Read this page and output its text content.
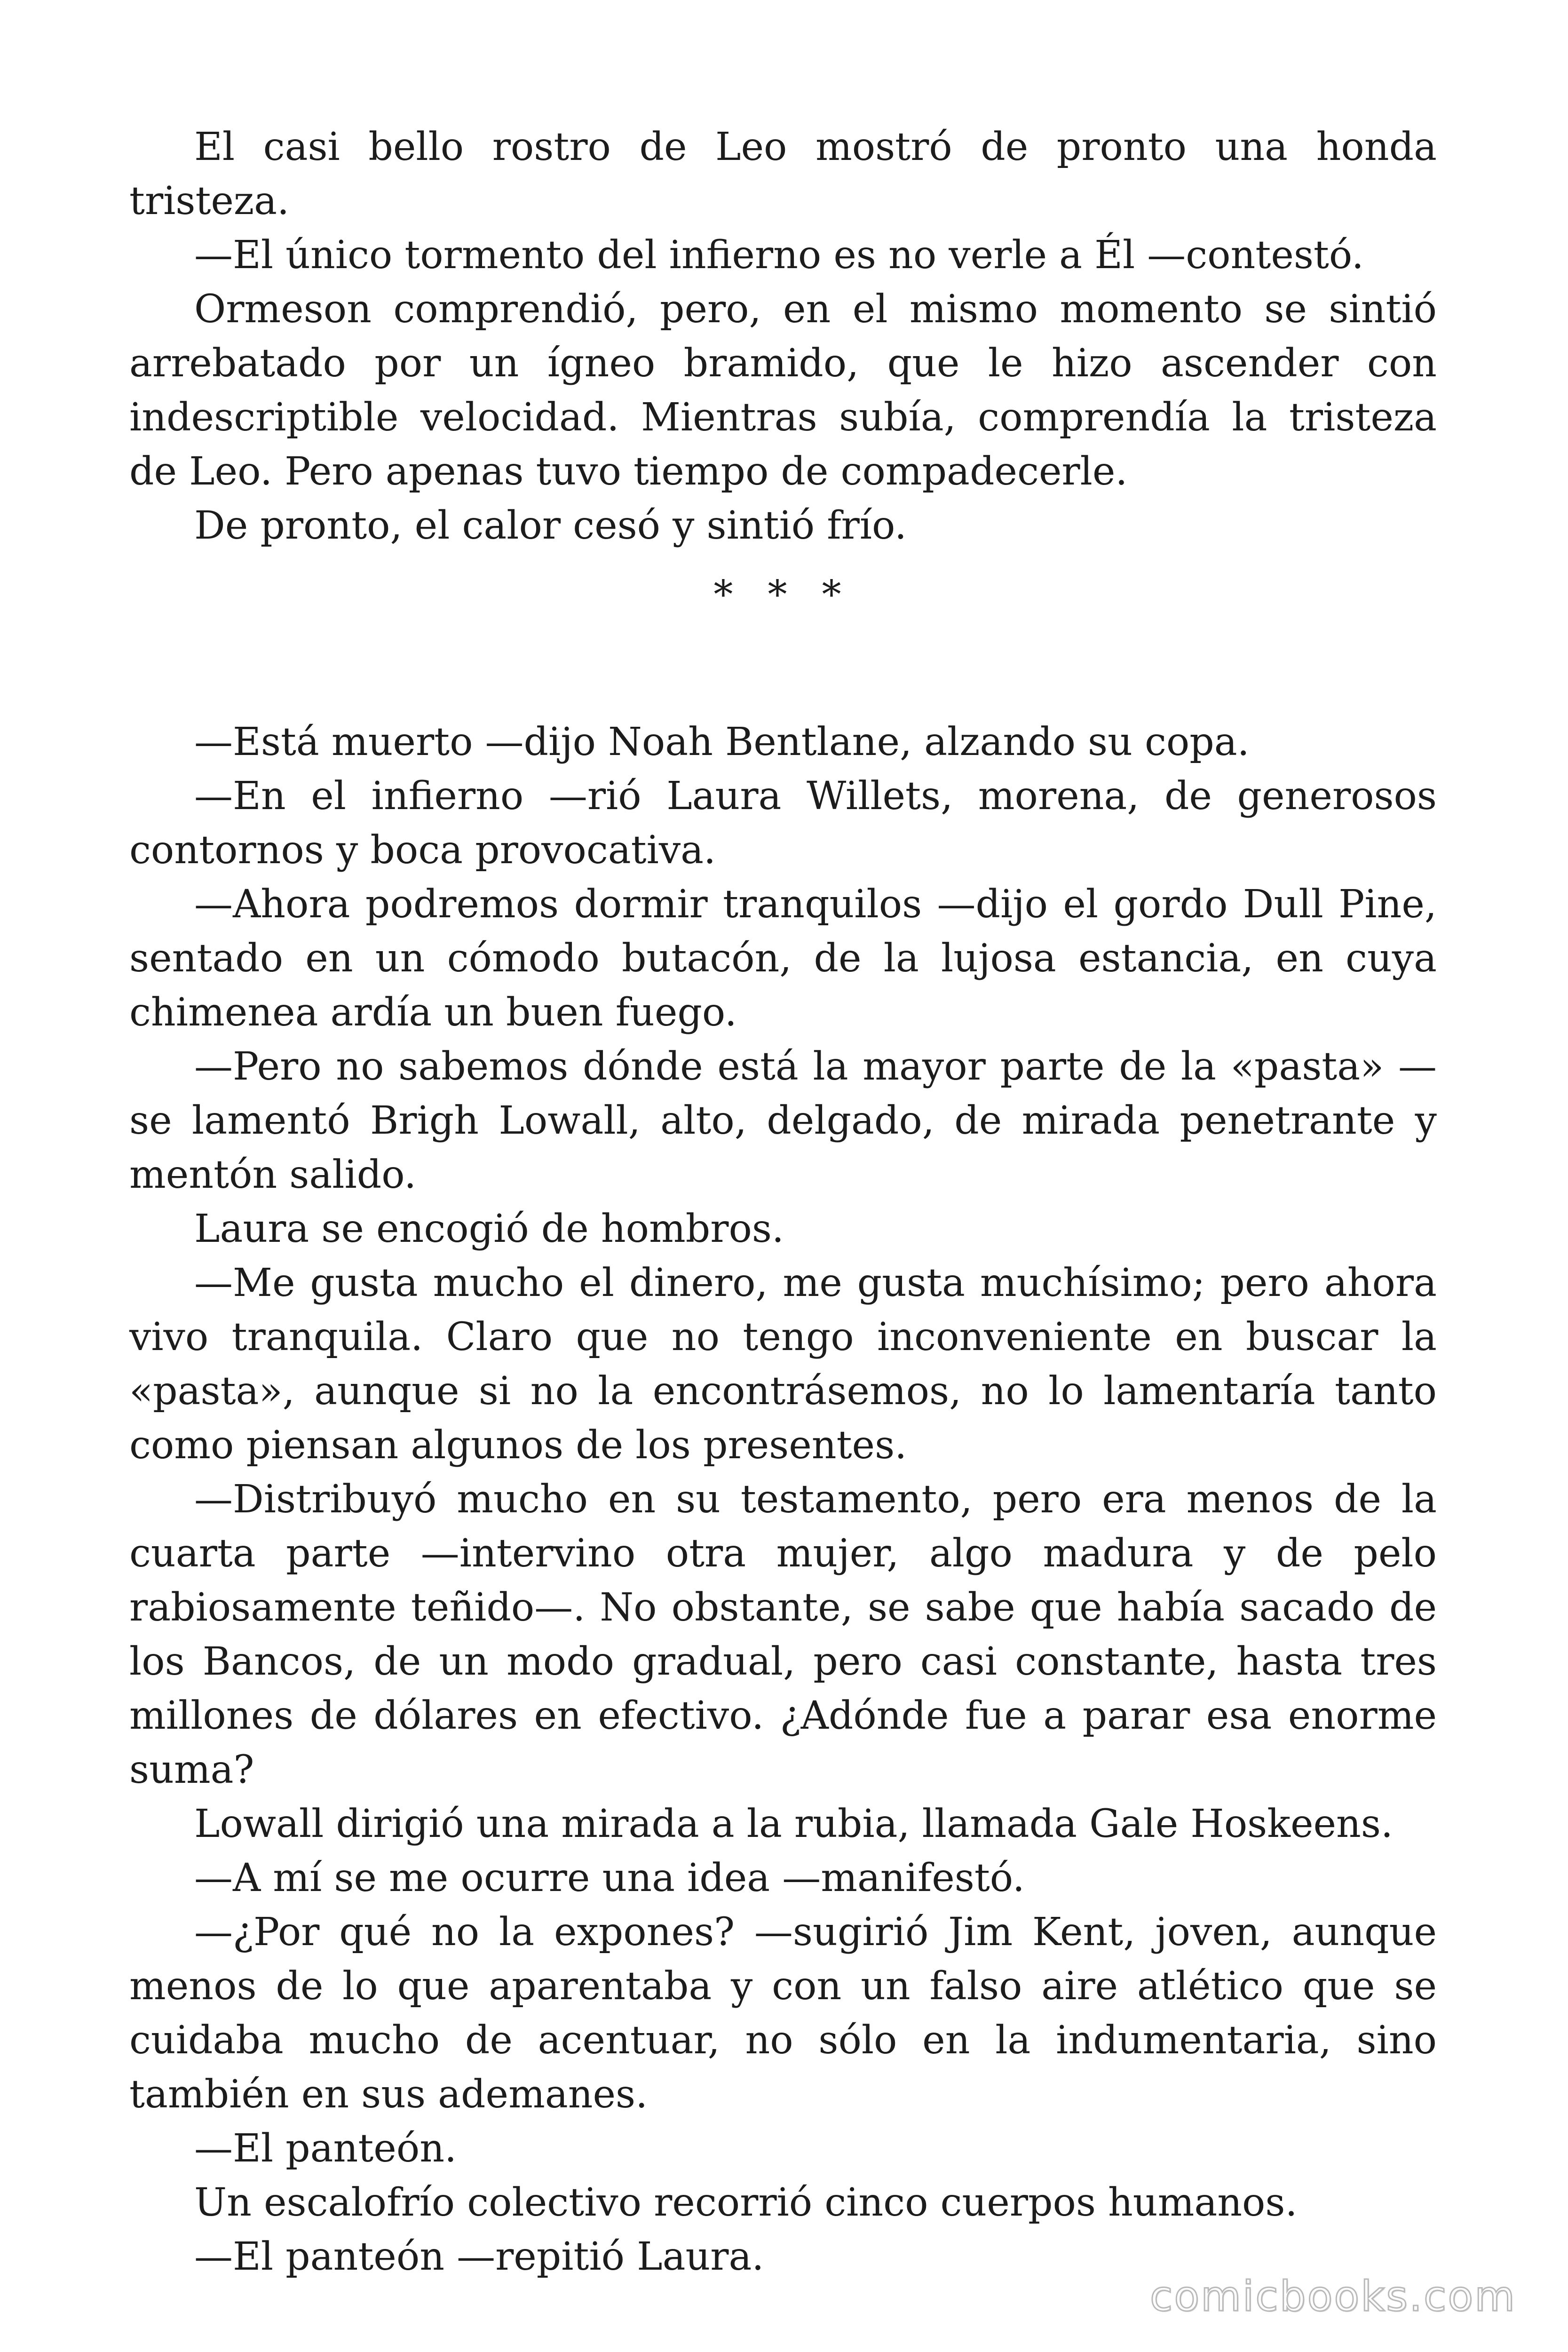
El casi bello rostro de Leo mostró de pronto una honda tristeza.

—El único tormento del infierno es no verle a Él —contestó.

Ormeson comprendió, pero, en el mismo momento se sintió arrebatado por un ígneo bramido, que le hizo ascender con indescriptible velocidad. Mientras subía, comprendía la tristeza de Leo. Pero apenas tuvo tiempo de compadecerle.

De pronto, el calor cesó y sintió frío.

* * *

—Está muerto —dijo Noah Bentlane, alzando su copa.

—En el infierno —rió Laura Willets, morena, de generosos contornos y boca provocativa.

—Ahora podremos dormir tranquilos —dijo el gordo Dull Pine, sentado en un cómodo butacón, de la lujosa estancia, en cuya chimenea ardía un buen fuego.

—Pero no sabemos dónde está la mayor parte de la «pasta» —se lamentó Brigh Lowall, alto, delgado, de mirada penetrante y mentón salido.

Laura se encogió de hombros.

—Me gusta mucho el dinero, me gusta muchísimo; pero ahora vivo tranquila. Claro que no tengo inconveniente en buscar la «pasta», aunque si no la encontrásemos, no lo lamentaría tanto como piensan algunos de los presentes.

—Distribuyó mucho en su testamento, pero era menos de la cuarta parte —intervino otra mujer, algo madura y de pelo rabiosamente teñido—. No obstante, se sabe que había sacado de los Bancos, de un modo gradual, pero casi constante, hasta tres millones de dólares en efectivo. ¿Adónde fue a parar esa enorme suma?

Lowall dirigió una mirada a la rubia, llamada Gale Hoskeens.

—A mí se me ocurre una idea —manifestó.

—¿Por qué no la expones? —sugirió Jim Kent, joven, aunque menos de lo que aparentaba y con un falso aire atlético que se cuidaba mucho de acentuar, no sólo en la indumentaria, sino también en sus ademanes.

—El panteón.

Un escalofrío colectivo recorrió cinco cuerpos humanos.

—El panteón —repitió Laura.

comicbooks.com
